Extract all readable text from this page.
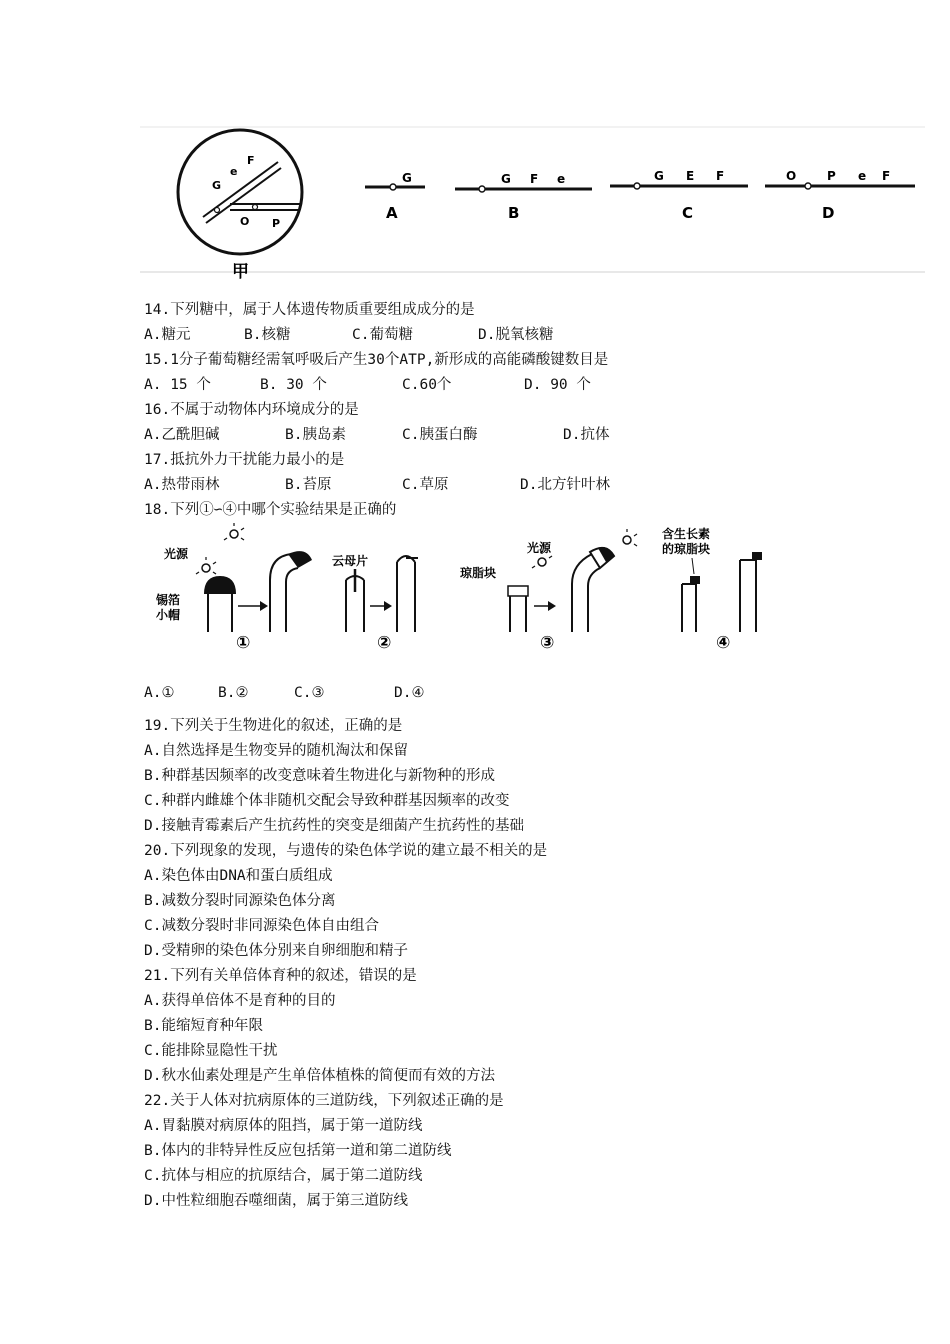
G
e
F
O P
甲
G
A
G F e
B
G E F
C
O	P e F
D
14.下列糖中，属于人体遗传物质重要组成成分的是
A.糖元	B.核糖	C.葡萄糖	D.脱氧核糖
15.1分子葡萄糖经需氧呼吸后产生30个ATP,新形成的高能磷酸键数目是
A. 15 个	B. 30 个	C.60个	D. 90 个
16.不属于动物体内环境成分的是
A.乙酰胆碱	B.胰岛素	C.胰蛋白酶	D.抗体
17.抵抗外力干扰能力最小的是
A.热带雨林	B.苔原	C.草原	D.北方针叶林
18.下列①∽④中哪个实验结果是正确的
光源
锡箔
小帽
①
云母片
②
光源
琼脂块
③
含生长素
的琼脂块
④
A.①	B.②	C.③	D.④
19.下列关于生物进化的叙述，正确的是
A.自然选择是生物变异的随机淘汰和保留
B.种群基因频率的改变意味着生物进化与新物种的形成
C.种群内雌雄个体非随机交配会导致种群基因频率的改变
D.接触青霉素后产生抗药性的突变是细菌产生抗药性的基础
20.下列现象的发现，与遗传的染色体学说的建立最不相关的是
A.染色体由DNA和蛋白质组成
B.减数分裂时同源染色体分离
C.减数分裂时非同源染色体自由组合
D.受精卵的染色体分别来自卵细胞和精子
21.下列有关单倍体育种的叙述，错误的是
A.获得单倍体不是育种的目的
B.能缩短育种年限
C.能排除显隐性干扰
D.秋水仙素处理是产生单倍体植株的简便而有效的方法
22.关于人体对抗病原体的三道防线，下列叙述正确的是
A.胃黏膜对病原体的阻挡，属于第一道防线
B.体内的非特异性反应包括第一道和第二道防线
C.抗体与相应的抗原结合，属于第二道防线
D.中性粒细胞吞噬细菌，属于第三道防线
